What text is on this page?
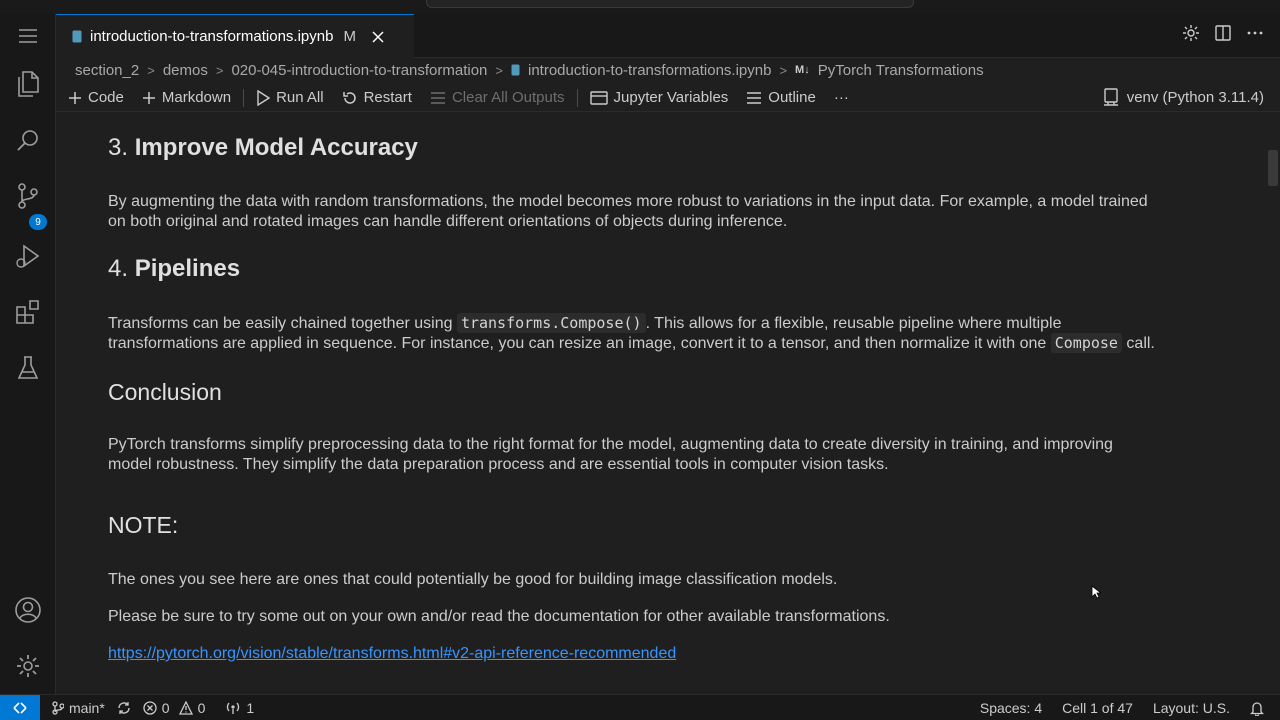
9
introduction-to-transformations.ipynb M
section_2 > demos > 020-045-introduction-to-transformation > introduction-to-transformations.ipynb > M↓ PyTorch Transformations
Code	Markdown	Run All	Restart	Clear All Outputs	Jupyter Variables	Outline ···	venv (Python 3.11.4)
3. Improve Model Accuracy
By augmenting the data with random transformations, the model becomes more robust to variations in the input data. For example, a model trained
on both original and rotated images can handle different orientations of objects during inference.
4. Pipelines
Transforms can be easily chained together using transforms.Compose() . This allows for a flexible, reusable pipeline where multiple
transformations are applied in sequence. For instance, you can resize an image, convert it to a tensor, and then normalize it with one Compose call.
Conclusion
PyTorch transforms simplify preprocessing data to the right format for the model, augmenting data to create diversity in training, and improving
model robustness. They simplify the data preparation process and are essential tools in computer vision tasks.
NOTE:
The ones you see here are ones that could potentially be good for building image classification models.
Please be sure to try some out on your own and/or read the documentation for other available transformations.
https://pytorch.org/vision/stable/transforms.html#v2-api-reference-recommended
main*	0 0	1	Spaces: 4 Cell 1 of 47 Layout: U.S.
